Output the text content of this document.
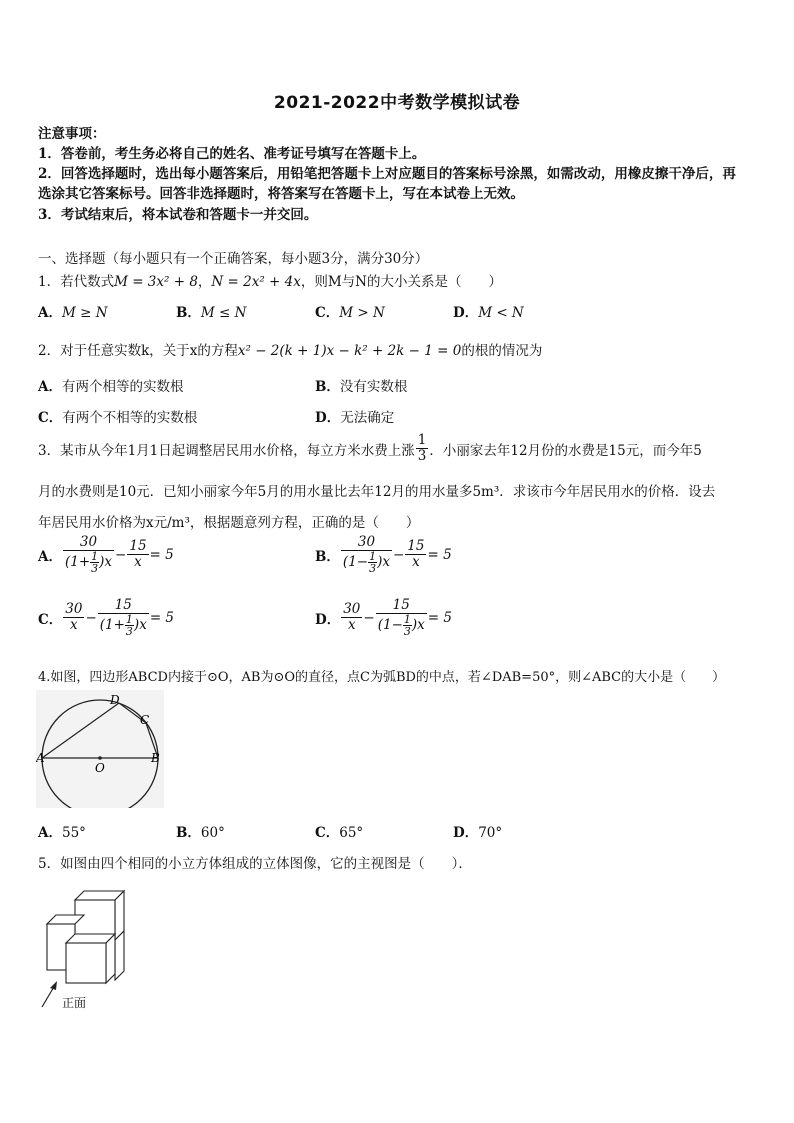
2021-2022中考数学模拟试卷
注意事项：
1．答卷前，考生务必将自己的姓名、准考证号填写在答题卡上。
2．回答选择题时，选出每小题答案后，用铅笔把答题卡上对应题目的答案标号涂黑，如需改动，用橡皮擦干净后，再
选涂其它答案标号。回答非选择题时，将答案写在答题卡上，写在本试卷上无效。
3．考试结束后，将本试卷和答题卡一并交回。
一、选择题（每小题只有一个正确答案，每小题3分，满分30分）
1．若代数式M = 3x² + 8，N = 2x² + 4x，则M与N的大小关系是（　　）
A．M ≥ N	B．M ≤ N	C．M > N	D．M < N
2．对于任意实数k，关于x的方程x² − 2(k + 1)x − k² + 2k − 1 = 0的根的情况为
A．有两个相等的实数根	B．没有实数根
C．有两个不相等的实数根	D．无法确定
3．某市从今年1月1日起调整居民用水价格，每立方米水费上涨 $\frac{1}{3}$ ．小丽家去年12月份的水费是15元，而今年5
月的水费则是10元．已知小丽家今年5月的用水量比去年12月的用水量多5m³．求该市今年居民用水的价格．设去
年居民用水价格为x元/m³，根据题意列方程，正确的是（　　）
A． $\frac{30}{(1+ \frac{1}{3} )x} - \frac{15}{x} = 5$	B． $\frac{30}{(1- \frac{1}{3} )x} - \frac{15}{x} = 5$
C． $\frac{30}{x} - \frac{15}{(1+ \frac{1}{3} )x} = 5$	D． $\frac{30}{x} - \frac{15}{(1- \frac{1}{3} )x} = 5$
4.如图，四边形ABCD内接于⊙O，AB为⊙O的直径，点C为弧BD的中点，若∠DAB=50°，则∠ABC的大小是（　　）
A	B
C
D
O
A．55°	B．60°	C．65°	D．70°
5．如图由四个相同的小立方体组成的立体图像，它的主视图是（　　）．
正面
